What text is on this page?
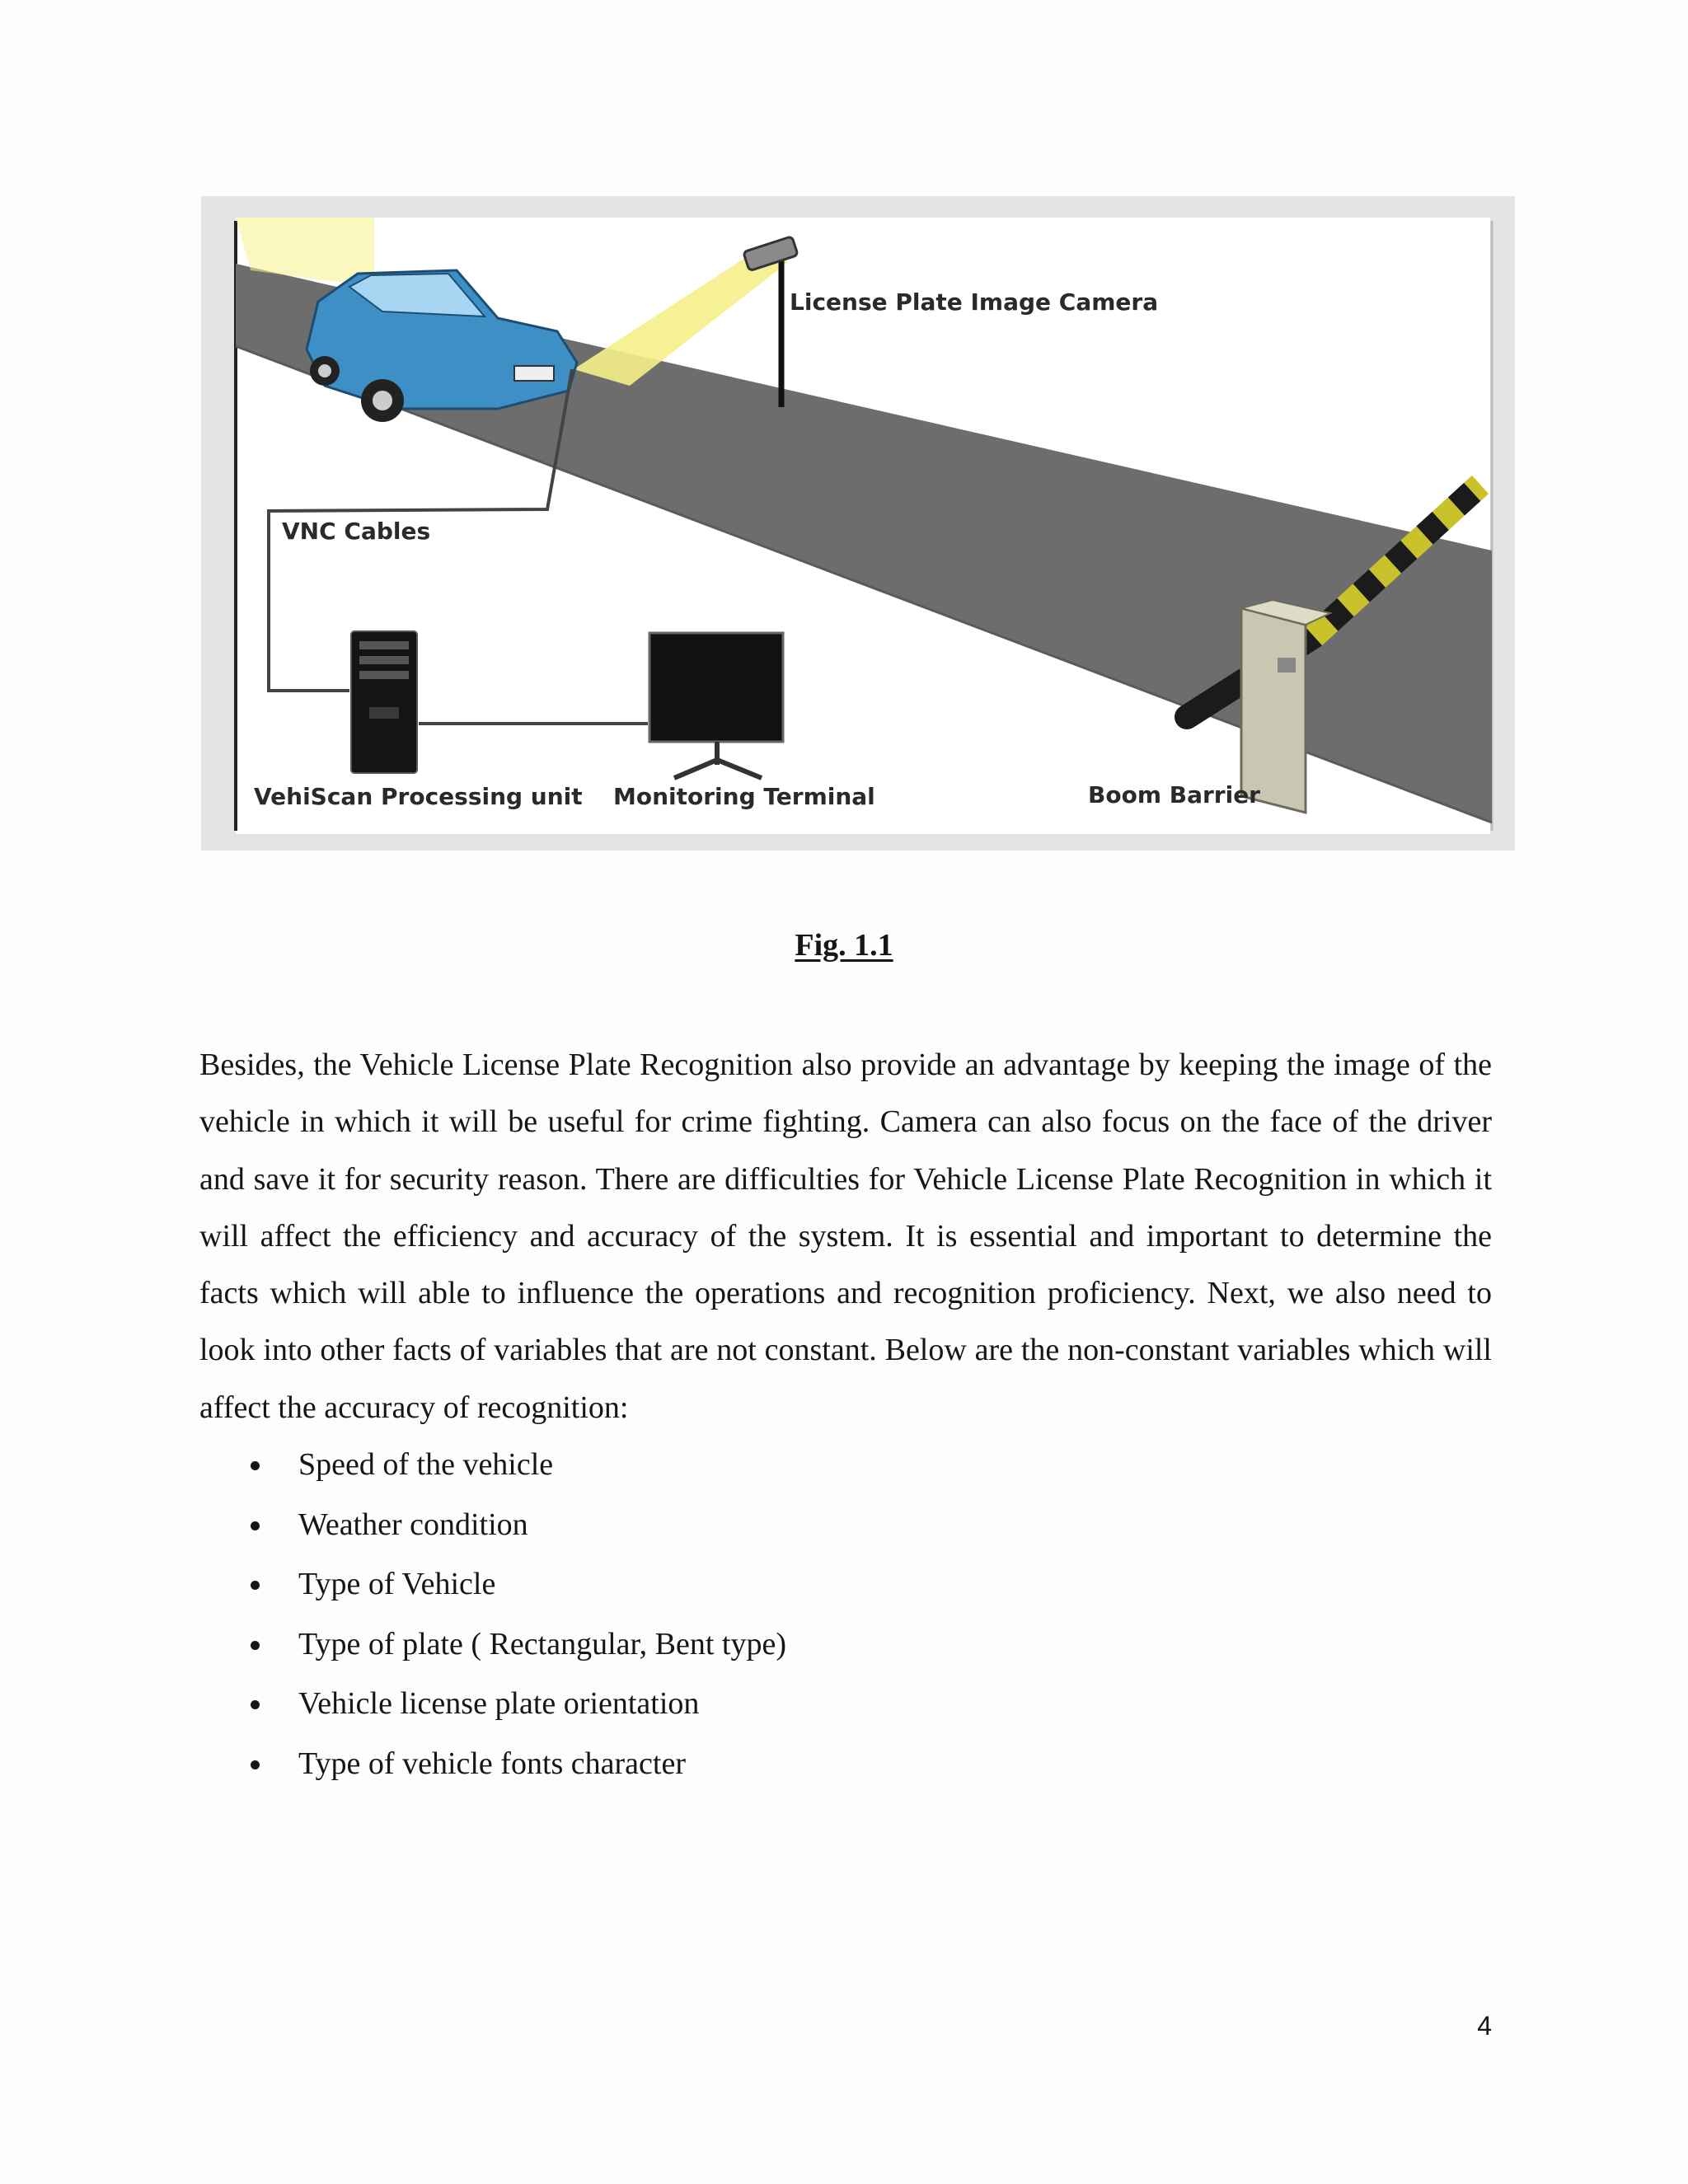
License Plate Image Camera
VNC Cables
VehiScan Processing unit Monitoring Terminal	Boom Barrier
Fig. 1.1

Besides, the Vehicle License Plate Recognition also provide an advantage by keeping the image of the vehicle in which it will be useful for crime fighting. Camera can also focus on the face of the driver and save it for security reason. There are difficulties for Vehicle License Plate Recognition in which it will affect the efficiency and accuracy of the system. It is essential and important to determine the facts which will able to influence the operations and recognition proficiency. Next, we also need to look into other facts of variables that are not constant. Below are the non-constant variables which will affect the accuracy of recognition:

Speed of the vehicle
Weather condition
Type of Vehicle
Type of plate ( Rectangular, Bent type)
Vehicle license plate orientation
Type of vehicle fonts character
4
